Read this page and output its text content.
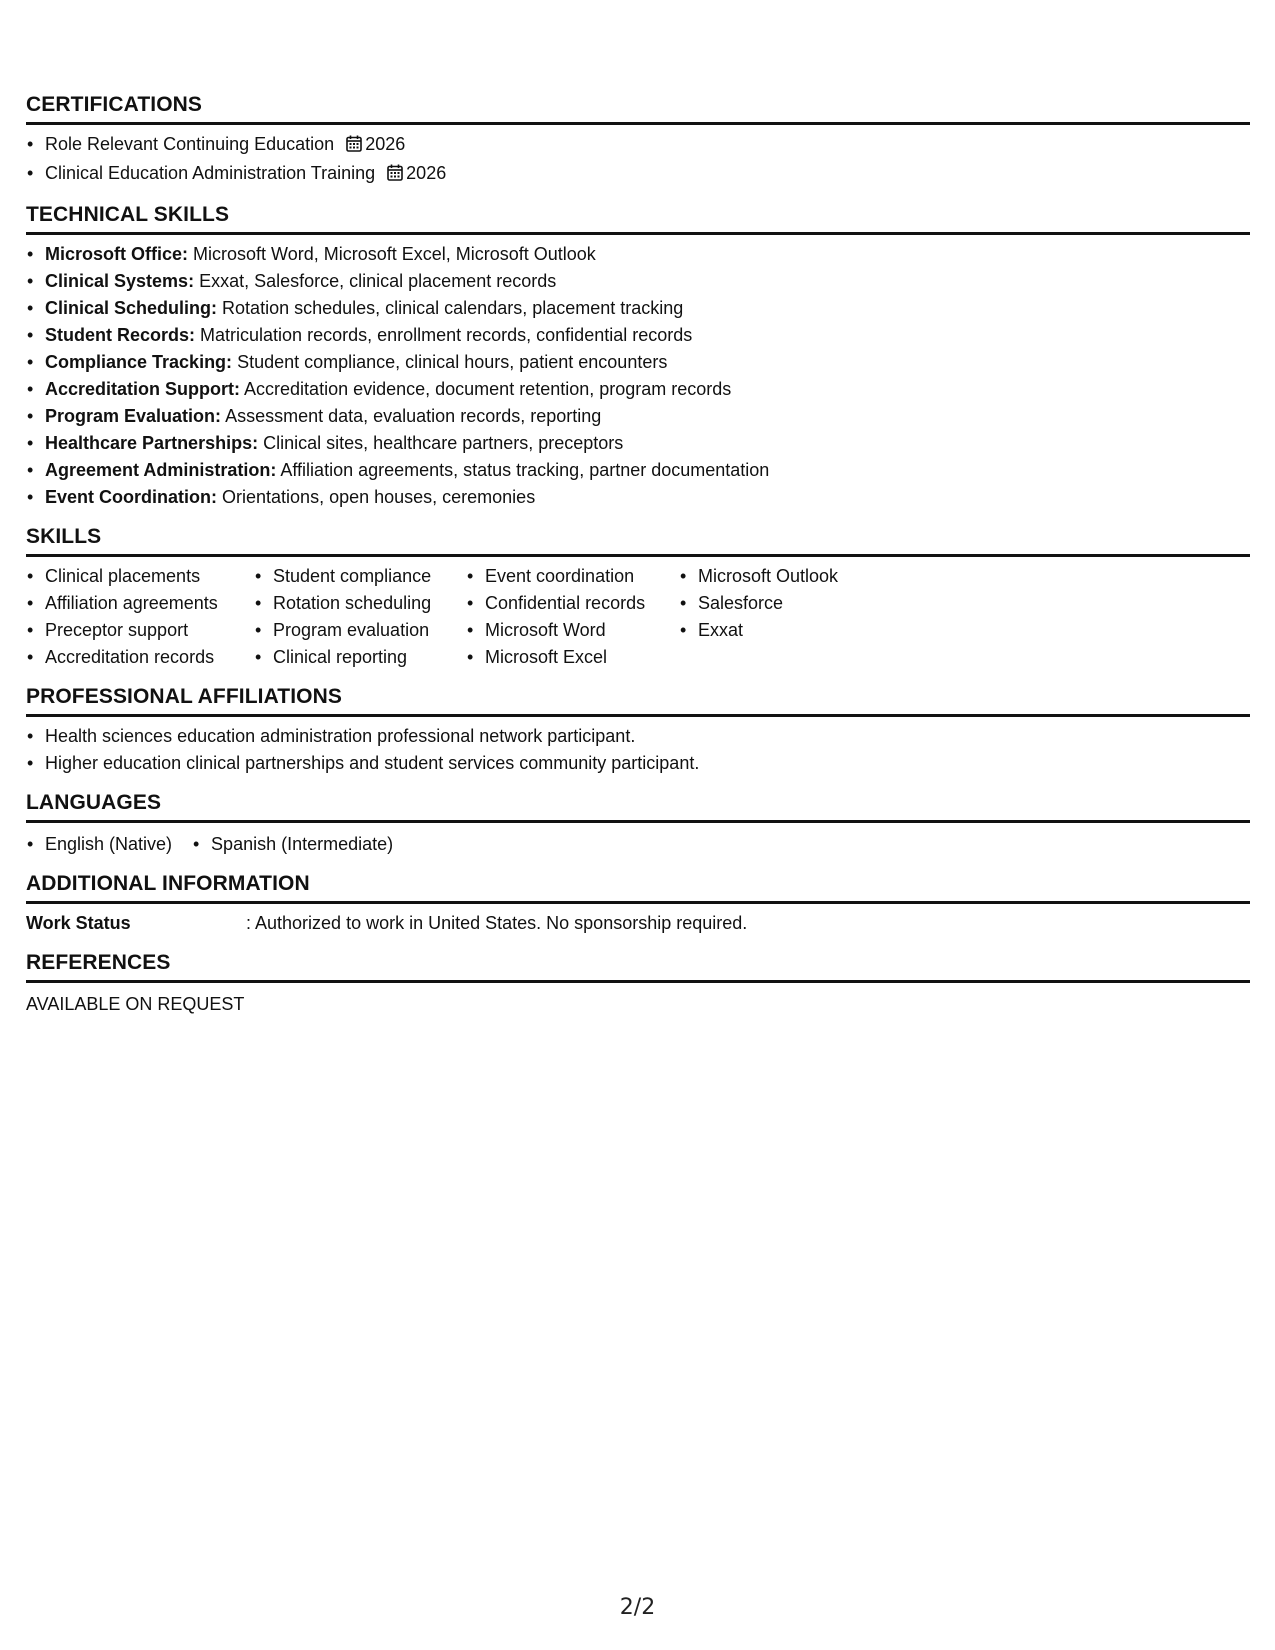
CERTIFICATIONS
• Role Relevant Continuing Education 2026
• Clinical Education Administration Training 2026
TECHNICAL SKILLS
• Microsoft Office: Microsoft Word, Microsoft Excel, Microsoft Outlook
• Clinical Systems: Exxat, Salesforce, clinical placement records
• Clinical Scheduling: Rotation schedules, clinical calendars, placement tracking
• Student Records: Matriculation records, enrollment records, confidential records
• Compliance Tracking: Student compliance, clinical hours, patient encounters
• Accreditation Support: Accreditation evidence, document retention, program records
• Program Evaluation: Assessment data, evaluation records, reporting
• Healthcare Partnerships: Clinical sites, healthcare partners, preceptors
• Agreement Administration: Affiliation agreements, status tracking, partner documentation
• Event Coordination: Orientations, open houses, ceremonies
SKILLS
• Clinical placements
• Affiliation agreements
• Preceptor support
• Accreditation records
• Student compliance
• Rotation scheduling
• Program evaluation
• Clinical reporting
• Event coordination
• Confidential records
• Microsoft Word
• Microsoft Excel
• Microsoft Outlook
• Salesforce
• Exxat
PROFESSIONAL AFFILIATIONS
• Health sciences education administration professional network participant.
• Higher education clinical partnerships and student services community participant.
LANGUAGES
• English (Native)
•	Spanish (Intermediate)
ADDITIONAL INFORMATION
Work Status	: Authorized to work in United States. No sponsorship required.
REFERENCES
AVAILABLE ON REQUEST
2/2
